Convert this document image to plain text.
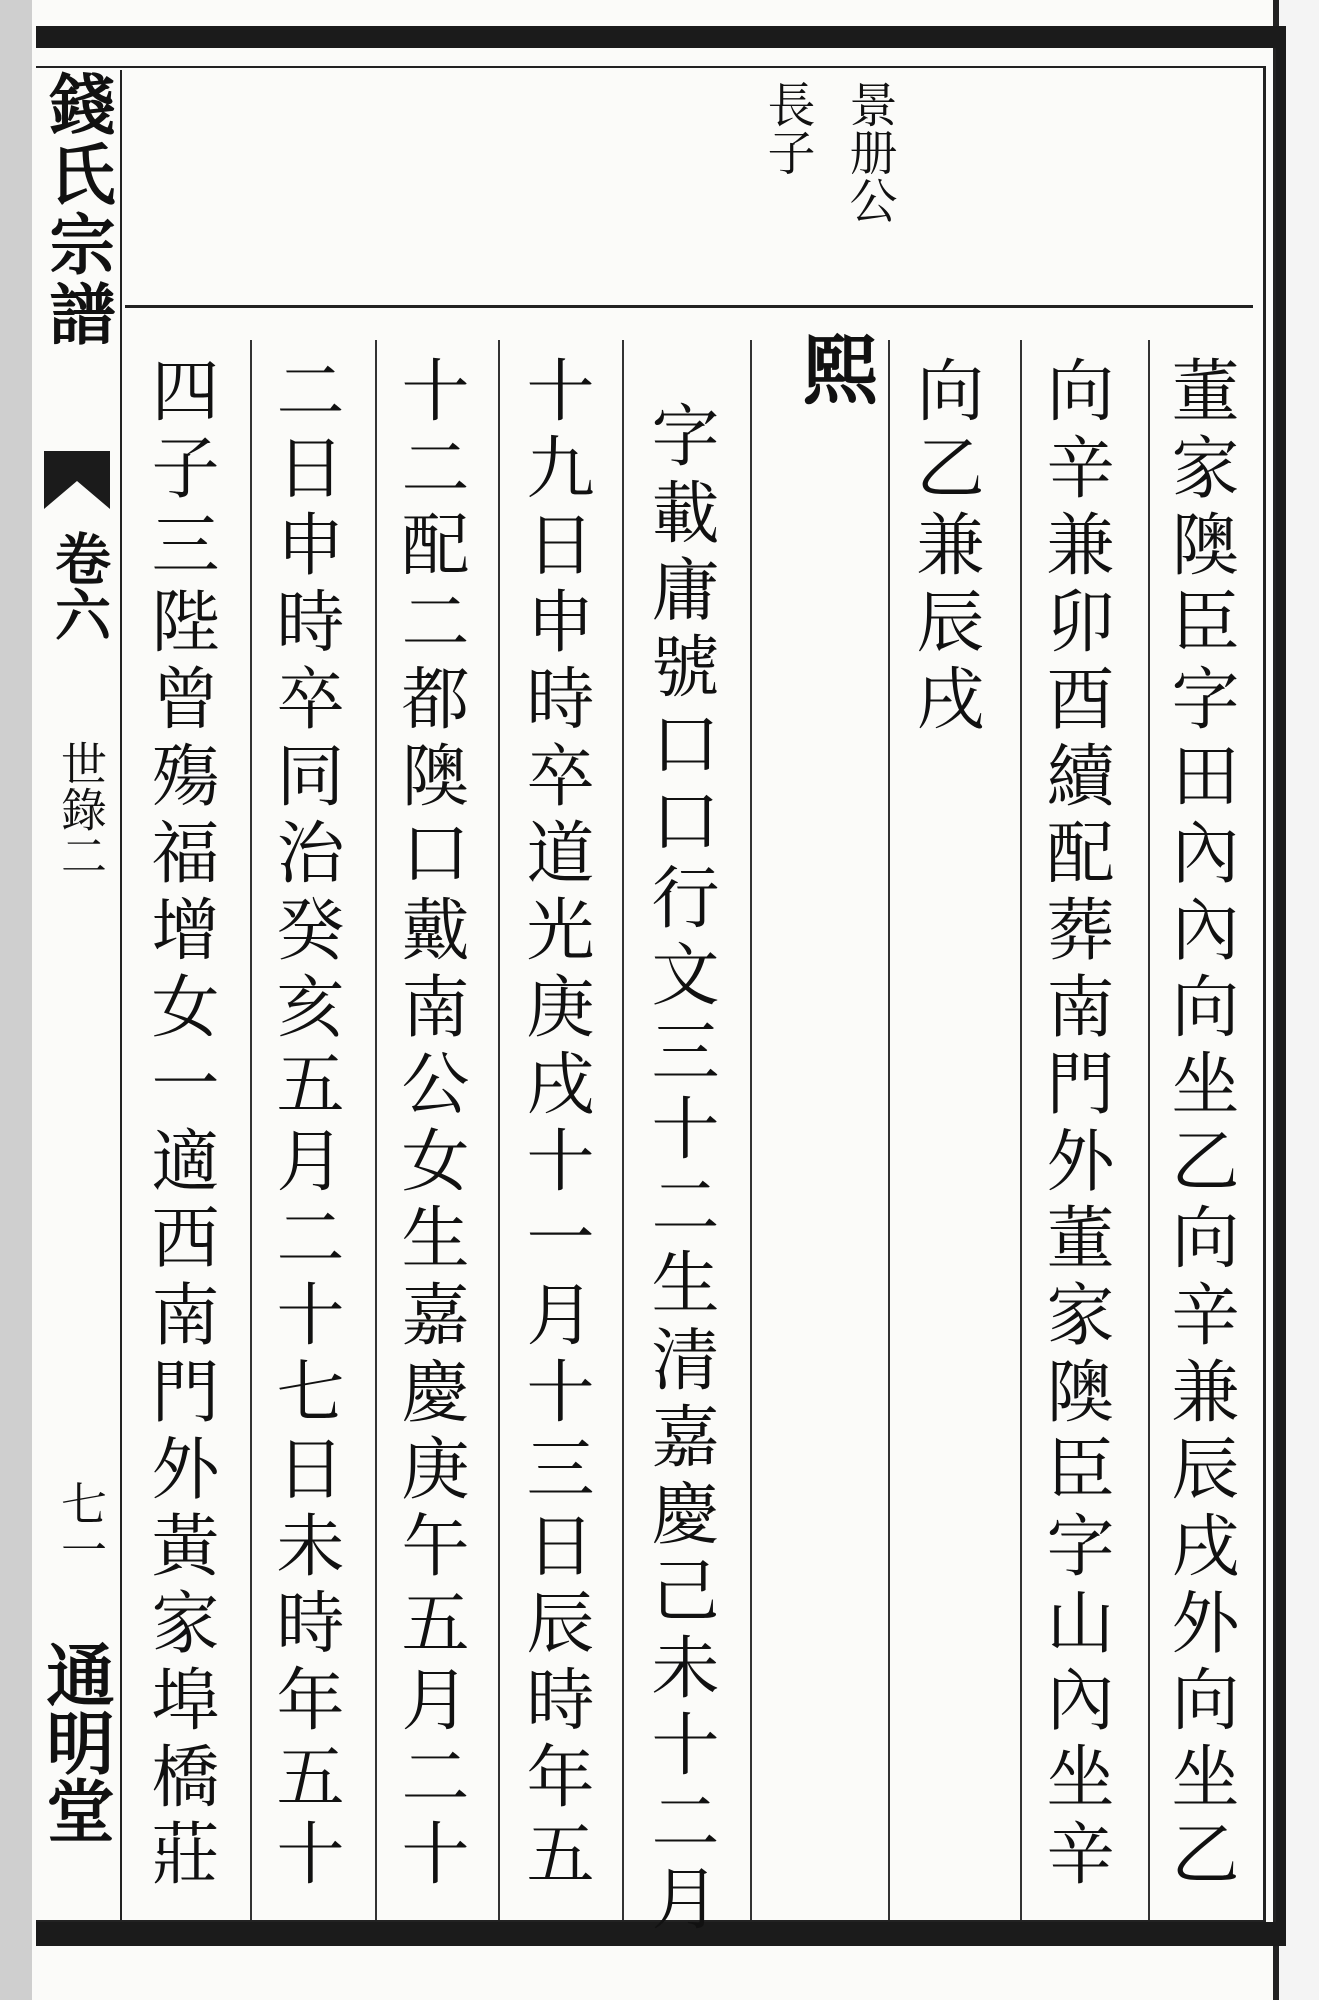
錢氏宗譜
卷六
世錄二
七一
通明堂
景册公
長子
熙	董家隩臣字田內內向坐乙向辛兼辰戌外向坐乙
向辛兼卯酉續配葬南門外董家隩臣字山內坐辛
向乙兼辰戌
字載庸號口口行文三十二生清嘉慶己未十二月
十九日申時卒道光庚戌十一月十三日辰時年五
十二配二都隩口戴南公女生嘉慶庚午五月二十
二日申時卒同治癸亥五月二十七日未時年五十
四子三陛曾殤福增女一適西南門外黃家埠橋莊
